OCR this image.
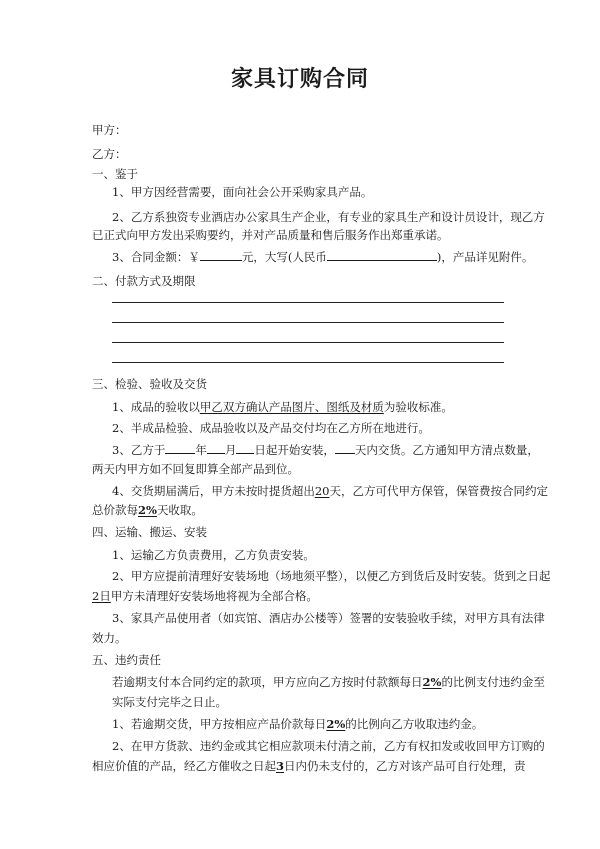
家具订购合同
甲方：
乙方：
一、鉴于
1、甲方因经营需要，面向社会公开采购家具产品。
2、乙方系独资专业酒店办公家具生产企业，有专业的家具生产和设计员设计，现乙方
已正式向甲方发出采购要约，并对产品质量和售后服务作出郑重承诺。
3、合同金额：￥	元，大写(人民币	)，产品详见附件。
二、付款方式及期限
三、检验、验收及交货
1、成品的验收以甲乙双方确认产品图片、图纸及材质为验收标准。
2、半成品检验、成品验收以及产品交付均在乙方所在地进行。
3、乙方于	年 月 日起开始安装， 天内交货。乙方通知甲方清点数量，
两天内甲方如不回复即算全部产品到位。
4、交货期届满后，甲方未按时提货超出20天，乙方可代甲方保管，保管费按合同约定
总价款每2%天收取。
四、运输、搬运、安装
1、运输乙方负责费用，乙方负责安装。
2、甲方应提前清理好安装场地（场地须平整），以便乙方到货后及时安装。货到之日起
2日甲方未清理好安装场地将视为全部合格。
3、家具产品使用者（如宾馆、酒店办公楼等）签署的安装验收手续，对甲方具有法律
效力。
五、违约责任
若逾期支付本合同约定的款项，甲方应向乙方按时付款额每日2%的比例支付违约金至
实际支付完毕之日止。
1、若逾期交货，甲方按相应产品价款每日2%的比例向乙方收取违约金。
2、在甲方货款、违约金或其它相应款项未付清之前，乙方有权扣发或收回甲方订购的
相应价值的产品，经乙方催收之日起3日内仍未支付的，乙方对该产品可自行处理，责
